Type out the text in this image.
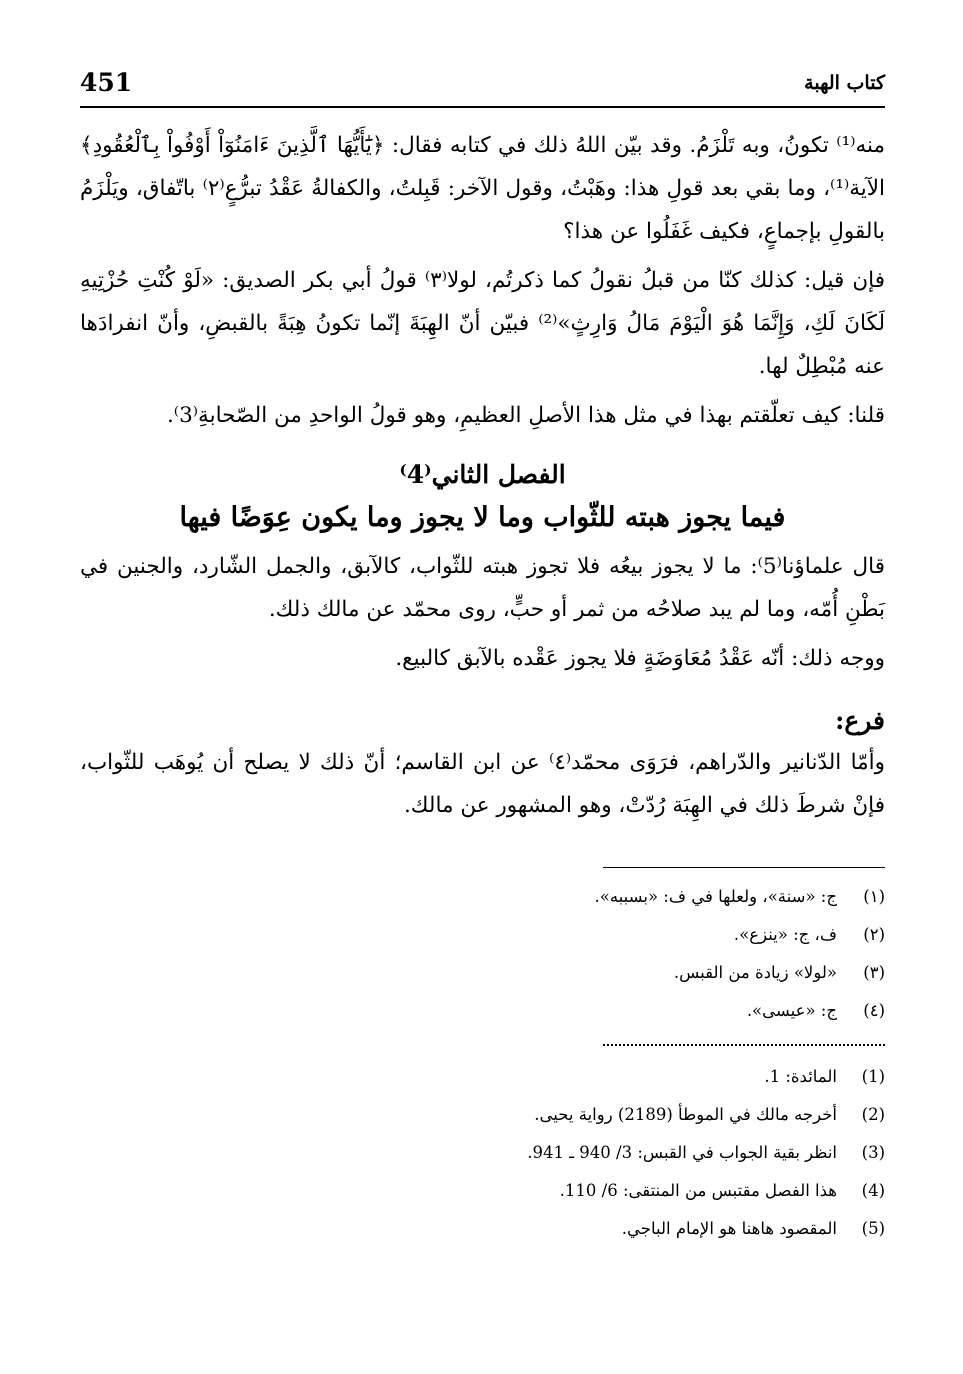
451	كتاب الهبة

منه⁽¹⁾ تكونُ، وبه تَلْزَمُ. وقد بيّن اللهُ ذلك في كتابه فقال: ﴿يَٰٓأَيُّهَا ٱلَّذِينَ ءَامَنُوٓاْ أَوْفُواْ بِٱلْعُقُودِ﴾ الآية⁽¹⁾، وما بقي بعد قولِ هذا: وهَبْتُ، وقول الآخر: قَبِلتُ، والكفالةُ عَقْدُ تبرُّعٍ⁽٢⁾ باتّفاق، ويَلْزَمُ بالقولِ بإجماعٍ، فكيف غَفَلُوا عن هذا؟

فإن قيل: كذلك كنّا من قبلُ نقولُ كما ذكرتُم، لولا⁽٣⁾ قولُ أبي بكر الصديق: «لَوْ كُنْتِ حُزْتِيهِ لَكَانَ لَكِ، وَإِنَّمَا هُوَ الْيَوْمَ مَالُ وَارِثٍ»⁽²⁾ فبيّن أنّ الهِبَةَ إنّما تكونُ هِبَةً بالقبضِ، وأنّ انفرادَها عنه مُبْطِلٌ لها.

قلنا: كيف تعلّقتم بهذا في مثل هذا الأصلِ العظيمِ، وهو قولُ الواحدِ من الصّحابةِ⁽3⁾.

الفصل الثاني⁽4⁾
فيما يجوز هبته للثّواب وما لا يجوز وما يكون عِوَضًا فيها

قال علماؤنا⁽5⁾: ما لا يجوز بيعُه فلا تجوز هبته للثّواب، كالآبق، والجمل الشّارد، والجنين في بَطْنِ أُمّه، وما لم يبد صلاحُه من ثمر أو حبٍّ، روى محمّد عن مالك ذلك.

ووجه ذلك: أنّه عَقْدُ مُعَاوَضَةٍ فلا يجوز عَقْده بالآبق كالبيع.

فرع:

وأمّا الدّنانير والدّراهم، فرَوَى محمّد⁽٤⁾ عن ابن القاسم؛ أنّ ذلك لا يصلح أن يُوهَب للثّواب، فإنْ شرطَ ذلك في الهِبَة رُدّتْ، وهو المشهور عن مالك.

(١)
ج: «سنة»، ولعلها في ف: «بسببه».
(٢)
ف، ج: «ينزع».
(٣)
«لولا» زيادة من القبس.
(٤)
ج: «عيسى».
(1)
المائدة: 1.
(2)
أخرجه مالك في الموطأ (2189) رواية يحيى.
(3)
انظر بقية الجواب في القبس: 3/ 940 ـ 941.
(4)
هذا الفصل مقتبس من المنتقى: 6/ 110.
(5)
المقصود هاهنا هو الإمام الباجي.
